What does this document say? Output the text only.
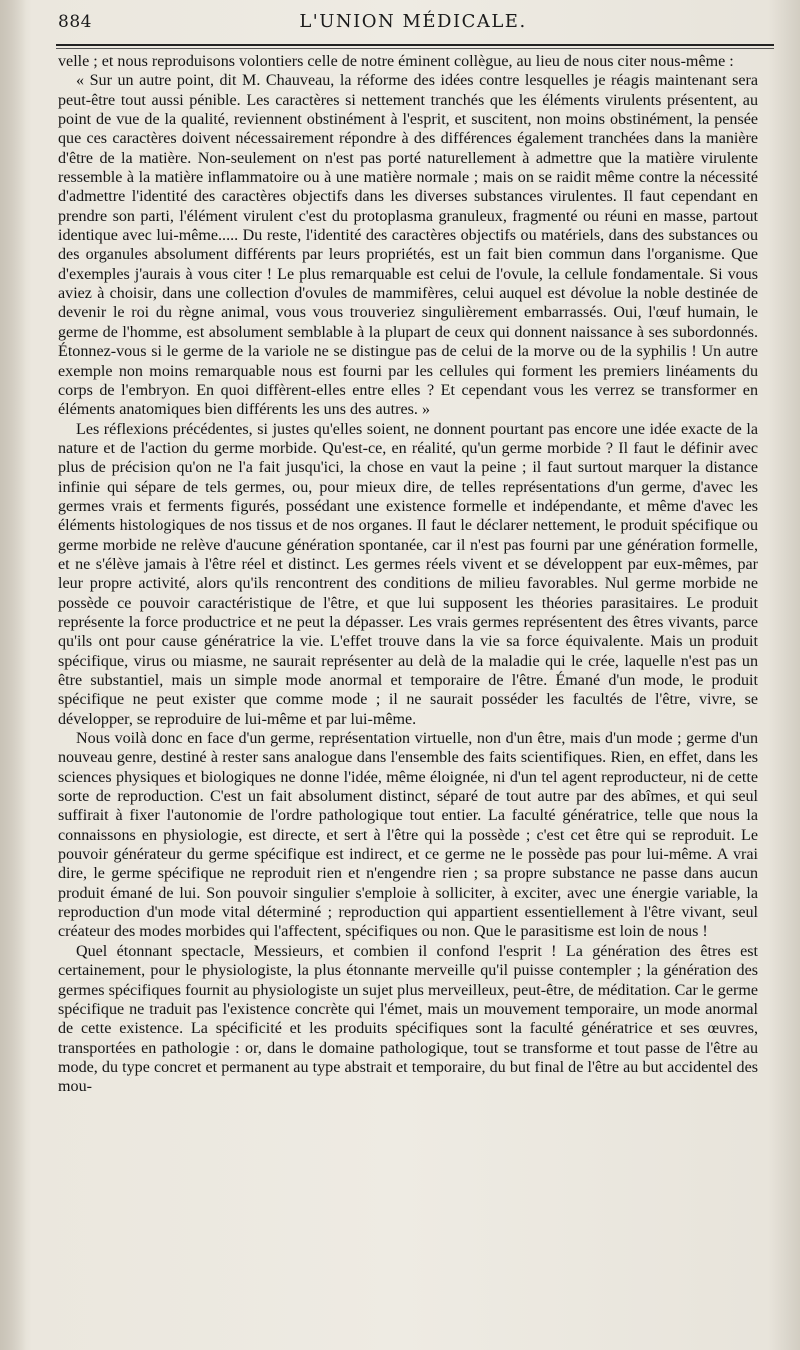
884	L'UNION MÉDICALE.

velle ; et nous reproduisons volontiers celle de notre éminent collègue, au lieu de nous citer nous-même :

« Sur un autre point, dit M. Chauveau, la réforme des idées contre lesquelles je réagis maintenant sera peut-être tout aussi pénible. Les caractères si nettement tranchés que les éléments virulents présentent, au point de vue de la qualité, reviennent obstinément à l'esprit, et suscitent, non moins obstinément, la pensée que ces caractères doivent nécessairement répondre à des différences également tranchées dans la manière d'être de la matière. Non-seulement on n'est pas porté naturellement à admettre que la matière virulente ressemble à la matière inflammatoire ou à une matière normale ; mais on se raidit même contre la nécessité d'admettre l'identité des caractères objectifs dans les diverses substances virulentes. Il faut cependant en prendre son parti, l'élément virulent c'est du protoplasma granuleux, fragmenté ou réuni en masse, partout identique avec lui-même..... Du reste, l'identité des caractères objectifs ou matériels, dans des substances ou des organules absolument différents par leurs propriétés, est un fait bien commun dans l'organisme. Que d'exemples j'aurais à vous citer ! Le plus remarquable est celui de l'ovule, la cellule fondamentale. Si vous aviez à choisir, dans une collection d'ovules de mammifères, celui auquel est dévolue la noble destinée de devenir le roi du règne animal, vous vous trouveriez singulièrement embarrassés. Oui, l'œuf humain, le germe de l'homme, est absolument semblable à la plupart de ceux qui donnent naissance à ses subordonnés. Étonnez-vous si le germe de la variole ne se distingue pas de celui de la morve ou de la syphilis ! Un autre exemple non moins remarquable nous est fourni par les cellules qui forment les premiers linéaments du corps de l'embryon. En quoi diffèrent-elles entre elles ? Et cependant vous les verrez se transformer en éléments anatomiques bien différents les uns des autres. »

Les réflexions précédentes, si justes qu'elles soient, ne donnent pourtant pas encore une idée exacte de la nature et de l'action du germe morbide. Qu'est-ce, en réalité, qu'un germe morbide ? Il faut le définir avec plus de précision qu'on ne l'a fait jusqu'ici, la chose en vaut la peine ; il faut surtout marquer la distance infinie qui sépare de tels germes, ou, pour mieux dire, de telles représentations d'un germe, d'avec les germes vrais et ferments figurés, possédant une existence formelle et indépendante, et même d'avec les éléments histologiques de nos tissus et de nos organes. Il faut le déclarer nettement, le produit spécifique ou germe morbide ne relève d'aucune génération spontanée, car il n'est pas fourni par une génération formelle, et ne s'élève jamais à l'être réel et distinct. Les germes réels vivent et se développent par eux-mêmes, par leur propre activité, alors qu'ils rencontrent des conditions de milieu favorables. Nul germe morbide ne possède ce pouvoir caractéristique de l'être, et que lui supposent les théories parasitaires. Le produit représente la force productrice et ne peut la dépasser. Les vrais germes représentent des êtres vivants, parce qu'ils ont pour cause génératrice la vie. L'effet trouve dans la vie sa force équivalente. Mais un produit spécifique, virus ou miasme, ne saurait représenter au delà de la maladie qui le crée, laquelle n'est pas un être substantiel, mais un simple mode anormal et temporaire de l'être. Émané d'un mode, le produit spécifique ne peut exister que comme mode ; il ne saurait posséder les facultés de l'être, vivre, se développer, se reproduire de lui-même et par lui-même.

Nous voilà donc en face d'un germe, représentation virtuelle, non d'un être, mais d'un mode ; germe d'un nouveau genre, destiné à rester sans analogue dans l'ensemble des faits scientifiques. Rien, en effet, dans les sciences physiques et biologiques ne donne l'idée, même éloignée, ni d'un tel agent reproducteur, ni de cette sorte de reproduction. C'est un fait absolument distinct, séparé de tout autre par des abîmes, et qui seul suffirait à fixer l'autonomie de l'ordre pathologique tout entier. La faculté génératrice, telle que nous la connaissons en physiologie, est directe, et sert à l'être qui la possède ; c'est cet être qui se reproduit. Le pouvoir générateur du germe spécifique est indirect, et ce germe ne le possède pas pour lui-même. A vrai dire, le germe spécifique ne reproduit rien et n'engendre rien ; sa propre substance ne passe dans aucun produit émané de lui. Son pouvoir singulier s'emploie à solliciter, à exciter, avec une énergie variable, la reproduction d'un mode vital déterminé ; reproduction qui appartient essentiellement à l'être vivant, seul créateur des modes morbides qui l'affectent, spécifiques ou non. Que le parasitisme est loin de nous !

Quel étonnant spectacle, Messieurs, et combien il confond l'esprit ! La génération des êtres est certainement, pour le physiologiste, la plus étonnante merveille qu'il puisse contempler ; la génération des germes spécifiques fournit au physiologiste un sujet plus merveilleux, peut-être, de méditation. Car le germe spécifique ne traduit pas l'existence concrète qui l'émet, mais un mouvement temporaire, un mode anormal de cette existence. La spécificité et les produits spécifiques sont la faculté génératrice et ses œuvres, transportées en pathologie : or, dans le domaine pathologique, tout se transforme et tout passe de l'être au mode, du type concret et permanent au type abstrait et temporaire, du but final de l'être au but accidentel des mou-
